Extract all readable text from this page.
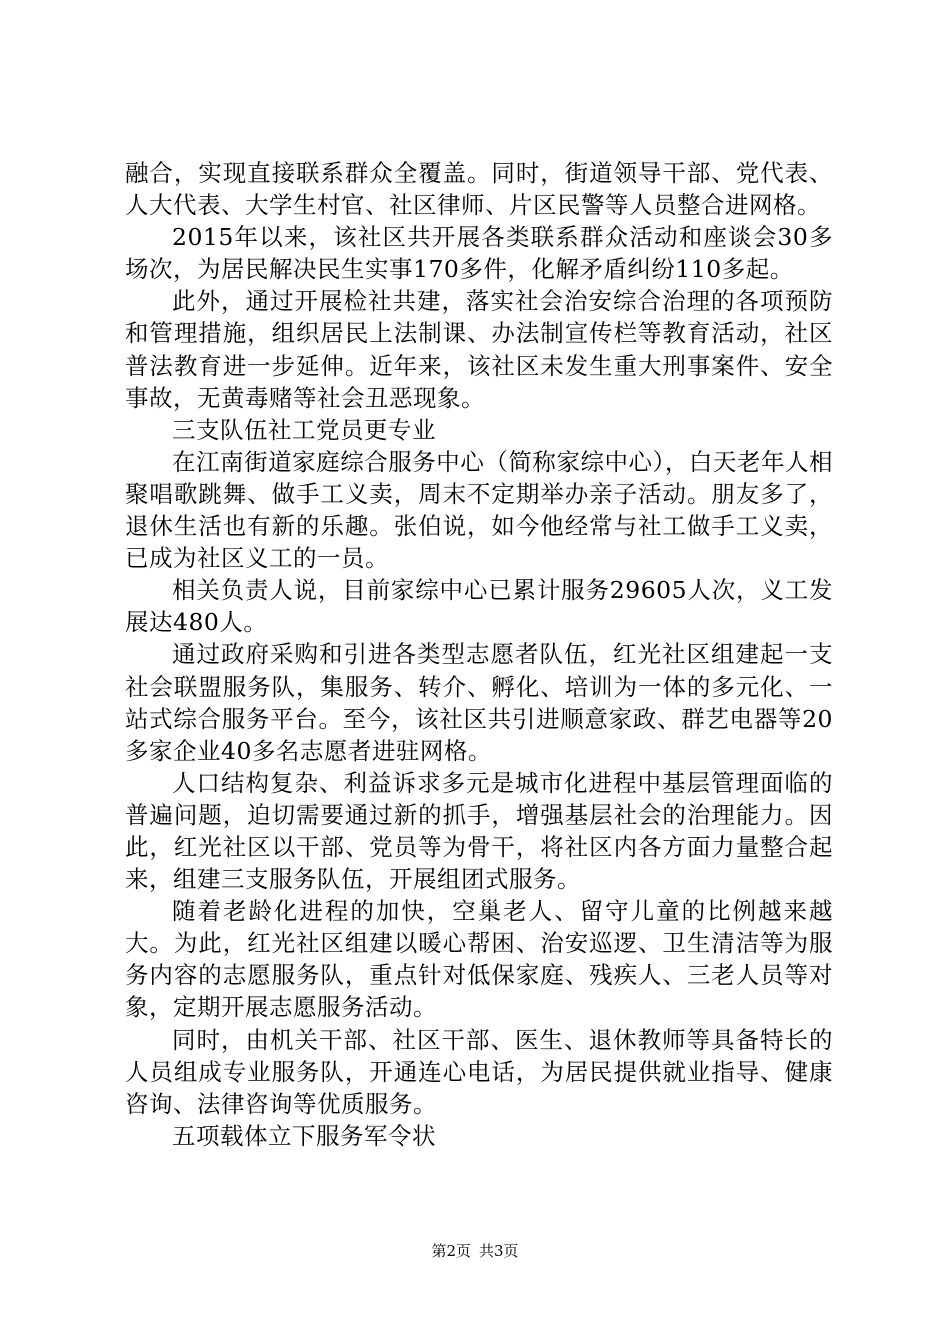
融合，实现直接联系群众全覆盖。同时，街道领导干部、党代表、人大代表、大学生村官、社区律师、片区民警等人员整合进网格。

2015年以来，该社区共开展各类联系群众活动和座谈会30多场次，为居民解决民生实事170多件，化解矛盾纠纷110多起。

此外，通过开展检社共建，落实社会治安综合治理的各项预防和管理措施，组织居民上法制课、办法制宣传栏等教育活动，社区普法教育进一步延伸。近年来，该社区未发生重大刑事案件、安全事故，无黄毒赌等社会丑恶现象。

三支队伍社工党员更专业

在江南街道家庭综合服务中心（简称家综中心），白天老年人相聚唱歌跳舞、做手工义卖，周末不定期举办亲子活动。朋友多了，退休生活也有新的乐趣。张伯说，如今他经常与社工做手工义卖，已成为社区义工的一员。

相关负责人说，目前家综中心已累计服务29605人次，义工发展达480人。

通过政府采购和引进各类型志愿者队伍，红光社区组建起一支社会联盟服务队，集服务、转介、孵化、培训为一体的多元化、一站式综合服务平台。至今，该社区共引进顺意家政、群艺电器等20多家企业40多名志愿者进驻网格。

人口结构复杂、利益诉求多元是城市化进程中基层管理面临的普遍问题，迫切需要通过新的抓手，增强基层社会的治理能力。因此，红光社区以干部、党员等为骨干，将社区内各方面力量整合起来，组建三支服务队伍，开展组团式服务。

随着老龄化进程的加快，空巢老人、留守儿童的比例越来越大。为此，红光社区组建以暖心帮困、治安巡逻、卫生清洁等为服务内容的志愿服务队，重点针对低保家庭、残疾人、三老人员等对象，定期开展志愿服务活动。

同时，由机关干部、社区干部、医生、退休教师等具备特长的人员组成专业服务队，开通连心电话，为居民提供就业指导、健康咨询、法律咨询等优质服务。

五项载体立下服务军令状

第2页 共3页
